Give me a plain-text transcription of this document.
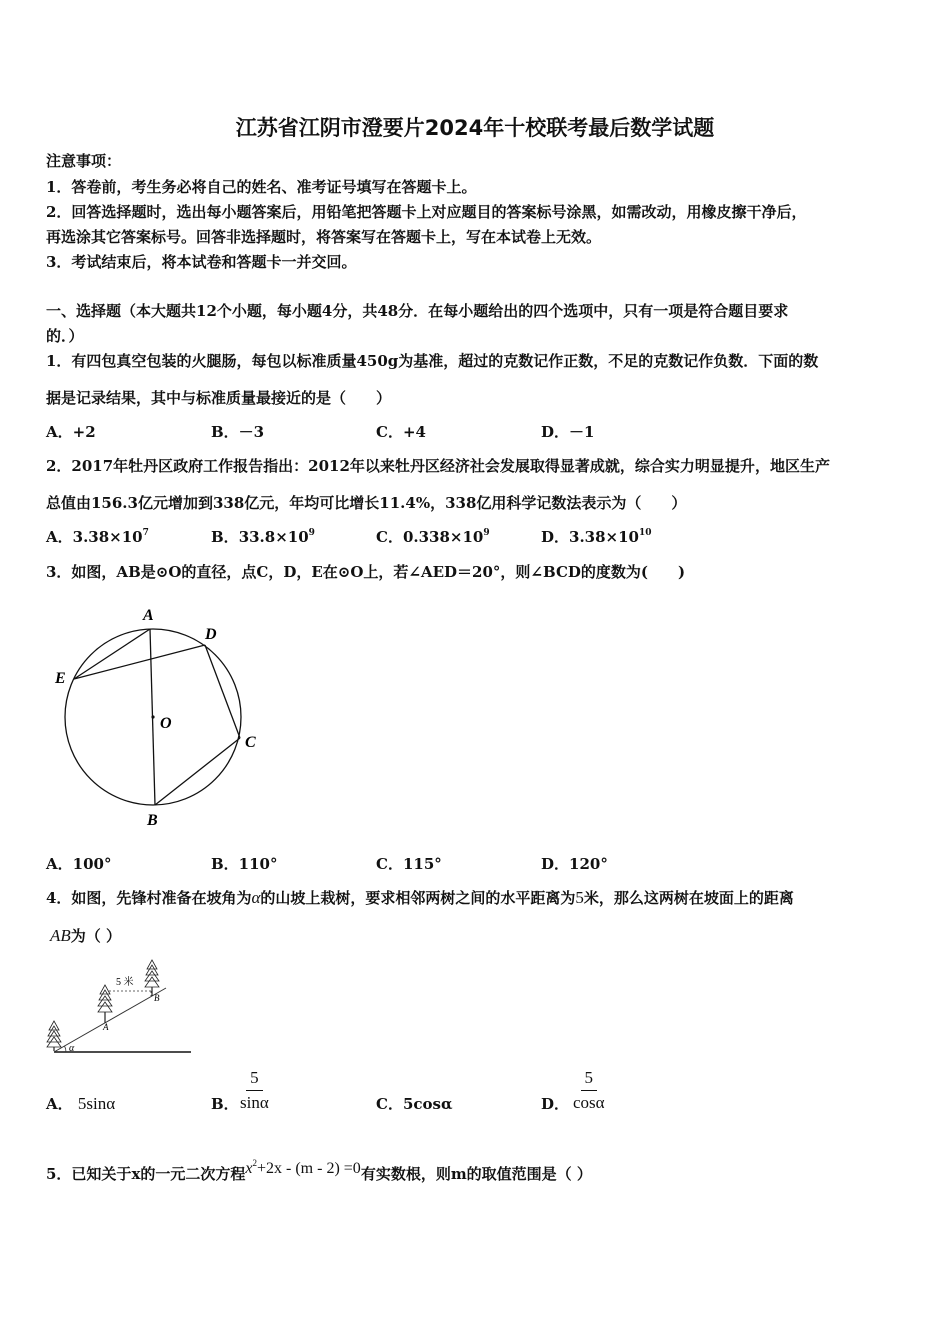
江苏省江阴市澄要片2024年十校联考最后数学试题
注意事项：
1．答卷前，考生务必将自己的姓名、准考证号填写在答题卡上。
2．回答选择题时，选出每小题答案后，用铅笔把答题卡上对应题目的答案标号涂黑，如需改动，用橡皮擦干净后，
再选涂其它答案标号。回答非选择题时，将答案写在答题卡上，写在本试卷上无效。
3．考试结束后，将本试卷和答题卡一并交回。
一、选择题（本大题共12个小题，每小题4分，共48分．在每小题给出的四个选项中，只有一项是符合题目要求
的．）
1．有四包真空包装的火腿肠，每包以标准质量450g为基准，超过的克数记作正数，不足的克数记作负数．下面的数
据是记录结果，其中与标准质量最接近的是（　　）
A．+2	B．－3	C．+4	D．－1
2．2017年牡丹区政府工作报告指出：2012年以来牡丹区经济社会发展取得显著成就，综合实力明显提升，地区生产
总值由156.3亿元增加到338亿元，年均可比增长11.4%，338亿用科学记数法表示为（　　）
A．$3.38\times 10^7$	B．$33.8\times 10^9$	C．$0.338\times 10^9$	D．$3.38\times 10^{10}$
3．如图，AB是⊙O的直径，点C，D，E在⊙O上，若∠AED＝20°，则∠BCD的度数为(　　)
A
D
E
O
C
B
A．100°	B．110°	C．115°	D．120°
4．如图，先锋村准备在坡角为α的山坡上栽树，要求相邻两树之间的水平距离为5米，那么这两树在坡面上的距离
AB为（ ）
α
5 米
A
B
A． 5sinα	B． $\frac{5}{\sin\alpha}$	C．5cosα	D． $\frac{5}{\cos\alpha}$
5．已知关于x的一元二次方程$x^2+2x - (m - 2) =0$有实数根，则m的取值范围是（ ）
